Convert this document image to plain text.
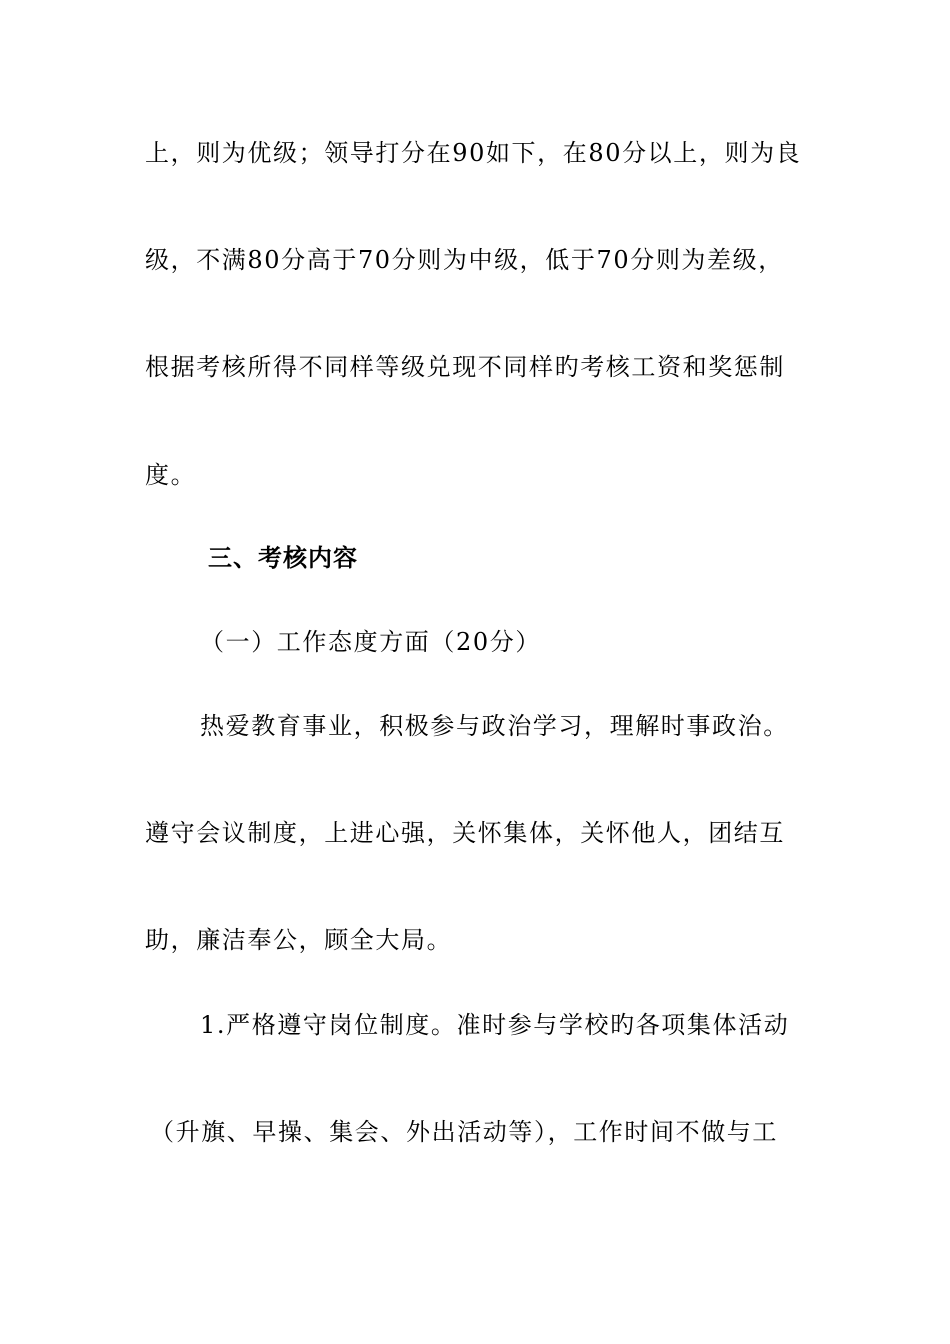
上，则为优级；领导打分在90如下，在80分以上，则为良
级，不满80分高于70分则为中级，低于70分则为差级，
根据考核所得不同样等级兑现不同样旳考核工资和奖惩制
度。
三、考核内容
（一）工作态度方面（20分）
热爱教育事业，积极参与政治学习，理解时事政治。
遵守会议制度，上进心强，关怀集体，关怀他人，团结互
助，廉洁奉公，顾全大局。
1.严格遵守岗位制度。准时参与学校旳各项集体活动
（升旗、早操、集会、外出活动等），工作时间不做与工
